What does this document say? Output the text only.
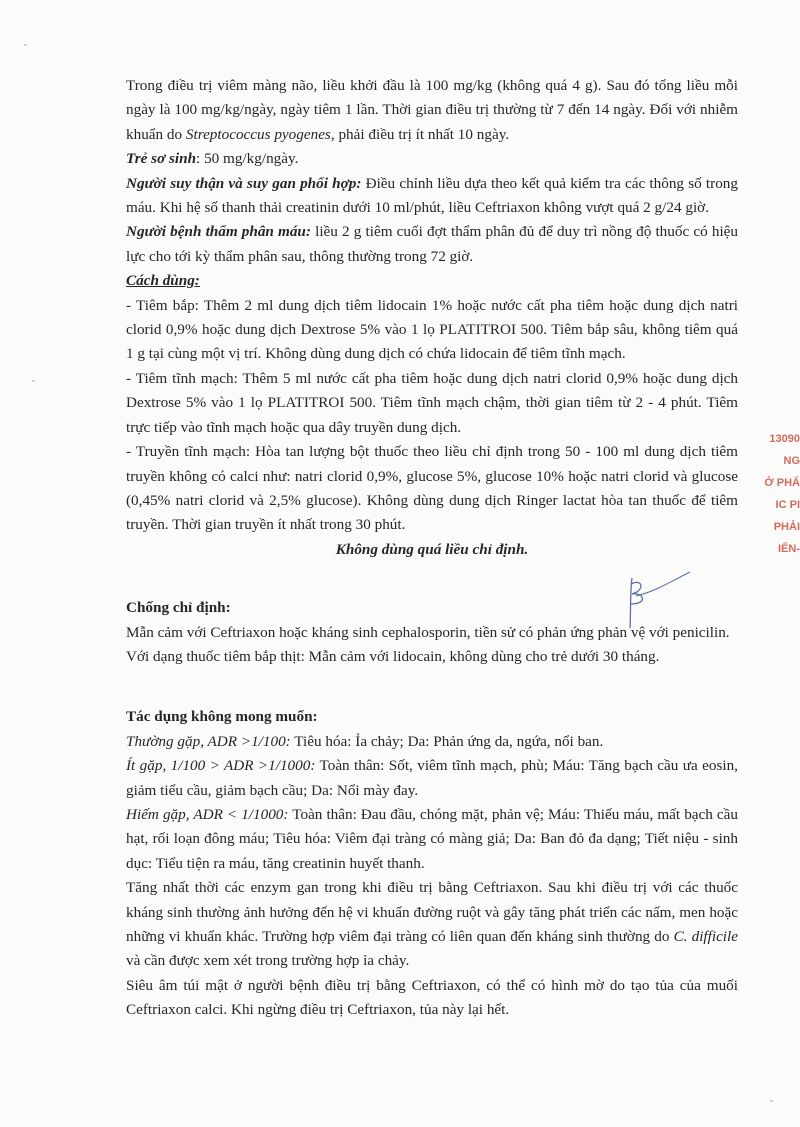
Trong điều trị viêm màng não, liều khởi đầu là 100 mg/kg (không quá 4 g). Sau đó tổng liều mỗi ngày là 100 mg/kg/ngày, ngày tiêm 1 lần. Thời gian điều trị thường từ 7 đến 14 ngày. Đối với nhiễm khuẩn do Streptococcus pyogenes, phải điều trị ít nhất 10 ngày.

Trẻ sơ sinh: 50 mg/kg/ngày.

Người suy thận và suy gan phối hợp: Điều chỉnh liều dựa theo kết quả kiểm tra các thông số trong máu. Khi hệ số thanh thải creatinin dưới 10 ml/phút, liều Ceftriaxon không vượt quá 2 g/24 giờ.

Người bệnh thẩm phân máu: liều 2 g tiêm cuối đợt thẩm phân đủ để duy trì nồng độ thuốc có hiệu lực cho tới kỳ thẩm phân sau, thông thường trong 72 giờ.

Cách dùng:

- Tiêm bắp: Thêm 2 ml dung dịch tiêm lidocain 1% hoặc nước cất pha tiêm hoặc dung dịch natri clorid 0,9% hoặc dung dịch Dextrose 5% vào 1 lọ PLATITROI 500. Tiêm bắp sâu, không tiêm quá 1 g tại cùng một vị trí. Không dùng dung dịch có chứa lidocain để tiêm tĩnh mạch.

- Tiêm tĩnh mạch: Thêm 5 ml nước cất pha tiêm hoặc dung dịch natri clorid 0,9% hoặc dung dịch Dextrose 5% vào 1 lọ PLATITROI 500. Tiêm tĩnh mạch chậm, thời gian tiêm từ 2 - 4 phút. Tiêm trực tiếp vào tĩnh mạch hoặc qua dây truyền dung dịch.

- Truyền tĩnh mạch: Hòa tan lượng bột thuốc theo liều chỉ định trong 50 - 100 ml dung dịch tiêm truyền không có calci như: natri clorid 0,9%, glucose 5%, glucose 10% hoặc natri clorid và glucose (0,45% natri clorid và 2,5% glucose). Không dùng dung dịch Ringer lactat hòa tan thuốc để tiêm truyền. Thời gian truyền ít nhất trong 30 phút.

Không dùng quá liều chỉ định.

Chống chỉ định:

Mẫn cảm với Ceftriaxon hoặc kháng sinh cephalosporin, tiền sử có phản ứng phản vệ với penicilin.

Với dạng thuốc tiêm bắp thịt: Mẫn cảm với lidocain, không dùng cho trẻ dưới 30 tháng.

Tác dụng không mong muốn:

Thường gặp, ADR >1/100: Tiêu hóa: Ỉa chảy; Da: Phản ứng da, ngứa, nổi ban.

Ít gặp, 1/100 > ADR >1/1000: Toàn thân: Sốt, viêm tĩnh mạch, phù; Máu: Tăng bạch cầu ưa eosin, giảm tiểu cầu, giảm bạch cầu; Da: Nổi mày đay.

Hiếm gặp, ADR < 1/1000: Toàn thân: Đau đầu, chóng mặt, phản vệ; Máu: Thiếu máu, mất bạch cầu hạt, rối loạn đông máu; Tiêu hóa: Viêm đại tràng có màng giả; Da: Ban đỏ đa dạng; Tiết niệu - sinh dục: Tiểu tiện ra máu, tăng creatinin huyết thanh.

Tăng nhất thời các enzym gan trong khi điều trị bằng Ceftriaxon. Sau khi điều trị với các thuốc kháng sinh thường ảnh hưởng đến hệ vi khuẩn đường ruột và gây tăng phát triển các nấm, men hoặc những vi khuẩn khác. Trường hợp viêm đại tràng có liên quan đến kháng sinh thường do C. difficile và cần được xem xét trong trường hợp ỉa chảy.

Siêu âm túi mật ở người bệnh điều trị bằng Ceftriaxon, có thể có hình mờ do tạo tủa của muối Ceftriaxon calci. Khi ngừng điều trị Ceftriaxon, tủa này lại hết.

13090
NG
Ở PHẨ
IC PI
PHẢI
IẾN-
